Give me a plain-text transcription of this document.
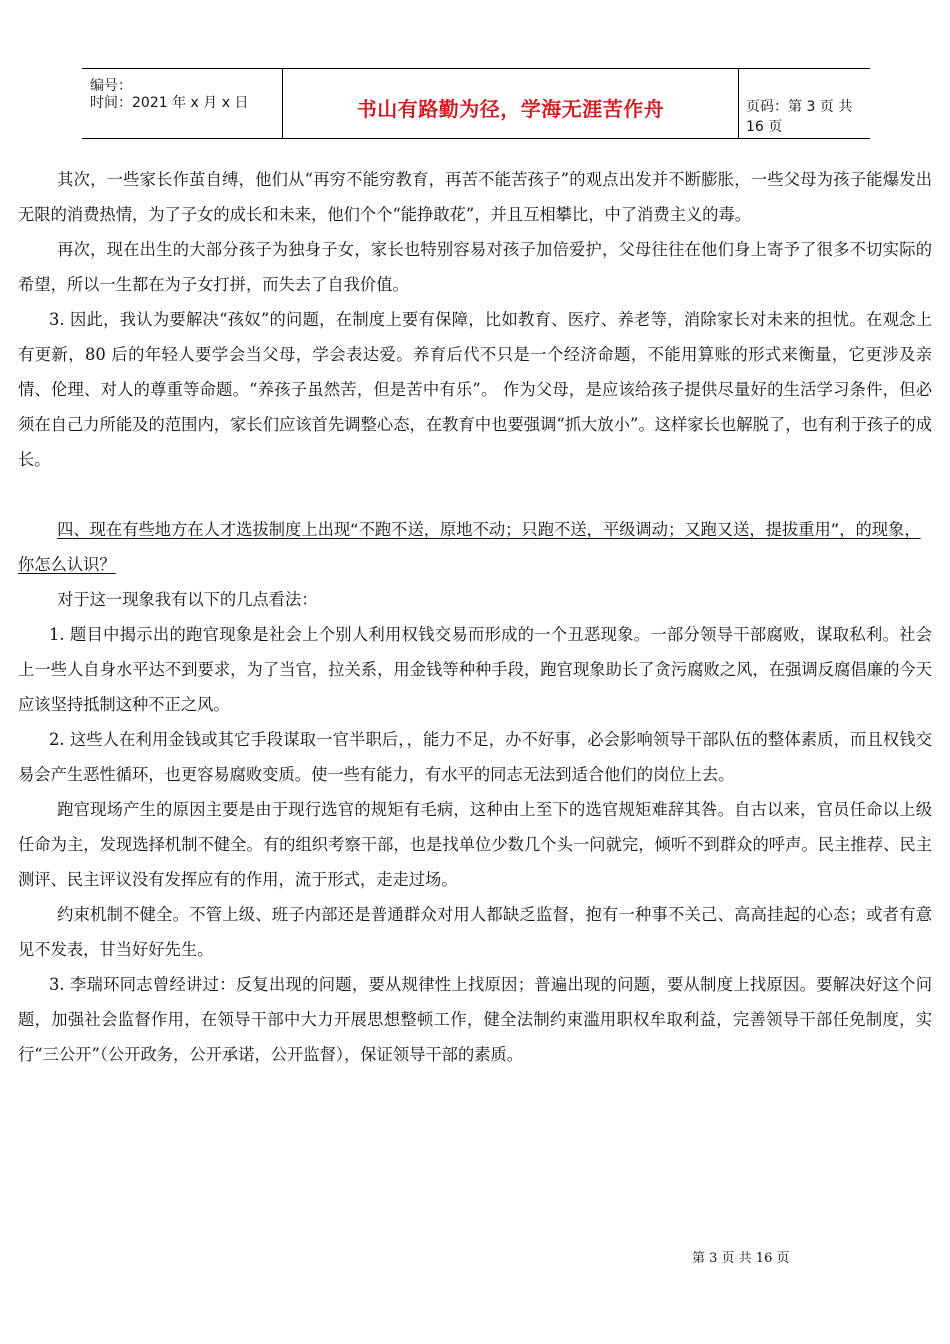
编号：
时间：2021 年 x 月 x 日	书山有路勤为径，学海无涯苦作舟	页码：第 3 页 共 16 页

其次，一些家长作茧自缚，他们从“再穷不能穷教育，再苦不能苦孩子”的观点出发并不断膨胀，一些父母为孩子能爆发出无限的消费热情，为了子女的成长和未来，他们个个“能挣敢花”，并且互相攀比，中了消费主义的毒。

再次，现在出生的大部分孩子为独身子女，家长也特别容易对孩子加倍爱护，父母往往在他们身上寄予了很多不切实际的希望，所以一生都在为子女打拼，而失去了自我价值。

3. 因此，我认为要解决“孩奴”的问题，在制度上要有保障，比如教育、医疗、养老等，消除家长对未来的担忧。在观念上有更新，80 后的年轻人要学会当父母，学会表达爱。养育后代不只是一个经济命题，不能用算账的形式来衡量，它更涉及亲情、伦理、对人的尊重等命题。“养孩子虽然苦，但是苦中有乐”。 作为父母，是应该给孩子提供尽量好的生活学习条件，但必须在自己力所能及的范围内，家长们应该首先调整心态，在教育中也要强调“抓大放小”。这样家长也解脱了，也有利于孩子的成长。

四、现在有些地方在人才选拔制度上出现“不跑不送，原地不动；只跑不送，平级调动；又跑又送，提拔重用”，的现象，你怎么认识？

对于这一现象我有以下的几点看法：

1. 题目中揭示出的跑官现象是社会上个别人利用权钱交易而形成的一个丑恶现象。一部分领导干部腐败，谋取私利。社会上一些人自身水平达不到要求，为了当官，拉关系，用金钱等种种手段，跑官现象助长了贪污腐败之风，在强调反腐倡廉的今天应该坚持抵制这种不正之风。

2. 这些人在利用金钱或其它手段谋取一官半职后，，能力不足，办不好事，必会影响领导干部队伍的整体素质，而且权钱交易会产生恶性循环，也更容易腐败变质。使一些有能力，有水平的同志无法到适合他们的岗位上去。

跑官现场产生的原因主要是由于现行选官的规矩有毛病，这种由上至下的选官规矩难辞其咎。自古以来，官员任命以上级任命为主，发现选择机制不健全。有的组织考察干部，也是找单位少数几个头一问就完，倾听不到群众的呼声。民主推荐、民主测评、民主评议没有发挥应有的作用，流于形式，走走过场。

约束机制不健全。不管上级、班子内部还是普通群众对用人都缺乏监督，抱有一种事不关己、高高挂起的心态；或者有意见不发表，甘当好好先生。

3. 李瑞环同志曾经讲过：反复出现的问题，要从规律性上找原因；普遍出现的问题，要从制度上找原因。要解决好这个问题，加强社会监督作用，在领导干部中大力开展思想整顿工作，健全法制约束滥用职权牟取利益，完善领导干部任免制度，实行“三公开”（公开政务，公开承诺，公开监督），保证领导干部的素质。

第 3 页 共 16 页
